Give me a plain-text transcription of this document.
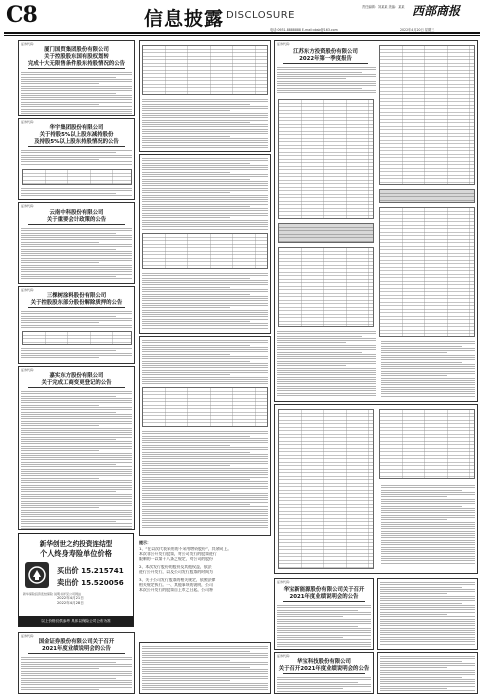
C8	信息披露 DISCLOSURE
责任编辑：刘某某 美编：某某 西部商报
电话:0931-8888888 E-mail:xbsb@163.com	2022年4月20日 星期三
证券代码：
厦门国贸集团股份有限公司
关于控股股东国有股权划转
完成十大无限售条件股东持股情况的公告
证券代码：
华宇集团股份有限公司
关于持股5%以上股东减持股份
及持股5%以上股东持股情况的公告
证券代码：
云南中科股份有限公司
关于重要会计政策的公告
证券代码：
三棵树涂料股份有限公司
关于控股股东部分股份解除质押的公告
证券代码：
嘉实东方股份有限公司
关于完成工商变更登记的公告
新华创世之约投资连结型
个人终身寿险单位价格
买出价 15.215741
卖出价 15.520056
新华保险投资连结保险 说明书详见公司网站
2022年4月21日
2022年4月28日
以上价格仅供参考 具体以保险公司公布为准
证券代码：
国金证券股份有限公司关于召开
2021年度业绩说明会的公告
提示：
1、“在以次代表采用的不采用增资股份”，其余同上。
本次非公开发行股票，对公司发行的股票进行
限制的一以第十八条之规定，对公司的股份
2、本次发行股份的股份及其他权益，依法
进行公开发行，以及公司发行股票的时间为
3、关于公司发行股票的相关规定，依照法律
相关规定执行。一、其他事项的说明，公司
本次公开发行的股票自上市之日起，公司将
证券代码：
江苏东方投资股份有限公司
2022年第一季度报告
证券代码：
华宝新能源股份有限公司关于召开
2021年度业绩说明会的公告
证券代码：
华宝科技股份有限公司
关于召开2021年度业绩说明会的公告
